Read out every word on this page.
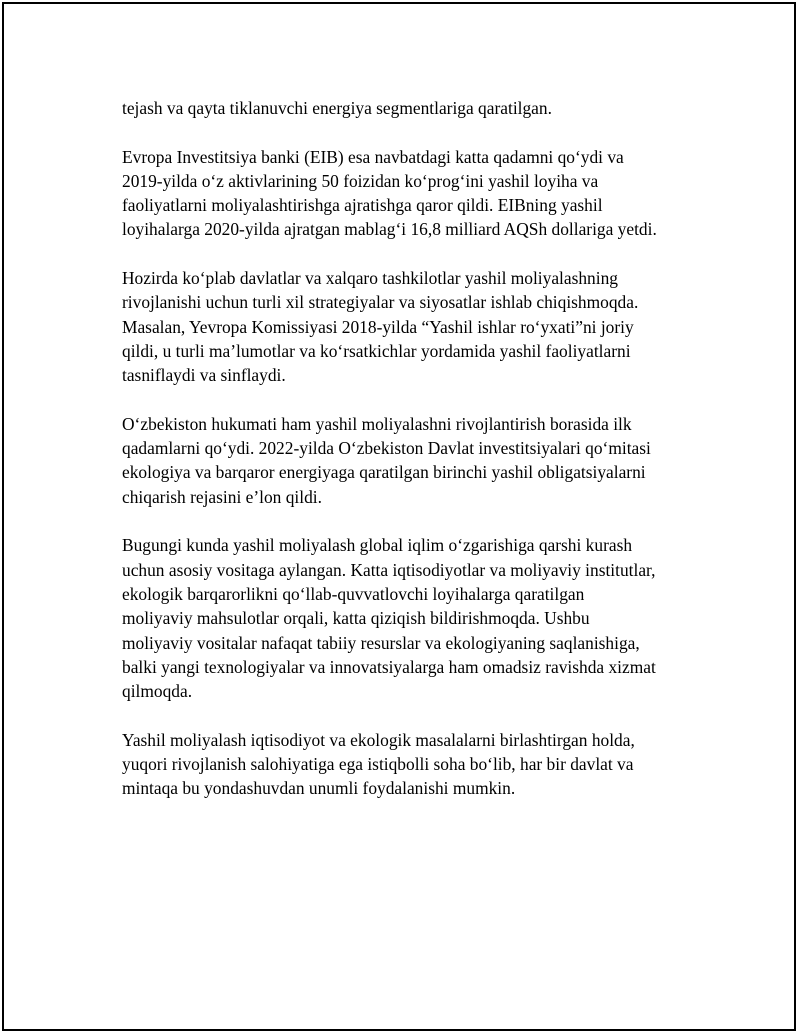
tejash va qayta tiklanuvchi energiya segmentlariga qaratilgan.

Evropa Investitsiya banki (EIB) esa navbatdagi katta qadamni qo‘ydi va
2019-yilda o‘z aktivlarining 50 foizidan ko‘prog‘ini yashil loyiha va
faoliyatlarni moliyalashtirishga ajratishga qaror qildi. EIBning yashil
loyihalarga 2020-yilda ajratgan mablag‘i 16,8 milliard AQSh dollariga yetdi.

Hozirda ko‘plab davlatlar va xalqaro tashkilotlar yashil moliyalashning
rivojlanishi uchun turli xil strategiyalar va siyosatlar ishlab chiqishmoqda.
Masalan, Yevropa Komissiyasi 2018-yilda “Yashil ishlar ro‘yxati”ni joriy
qildi, u turli ma’lumotlar va ko‘rsatkichlar yordamida yashil faoliyatlarni
tasniflaydi va sinflaydi.

O‘zbekiston hukumati ham yashil moliyalashni rivojlantirish borasida ilk
qadamlarni qo‘ydi. 2022-yilda O‘zbekiston Davlat investitsiyalari qo‘mitasi
ekologiya va barqaror energiyaga qaratilgan birinchi yashil obligatsiyalarni
chiqarish rejasini e’lon qildi.

Bugungi kunda yashil moliyalash global iqlim o‘zgarishiga qarshi kurash
uchun asosiy vositaga aylangan. Katta iqtisodiyotlar va moliyaviy institutlar,
ekologik barqarorlikni qo‘llab-quvvatlovchi loyihalarga qaratilgan
moliyaviy mahsulotlar orqali, katta qiziqish bildirishmoqda. Ushbu
moliyaviy vositalar nafaqat tabiiy resurslar va ekologiyaning saqlanishiga,
balki yangi texnologiyalar va innovatsiyalarga ham omadsiz ravishda xizmat
qilmoqda.

Yashil moliyalash iqtisodiyot va ekologik masalalarni birlashtirgan holda,
yuqori rivojlanish salohiyatiga ega istiqbolli soha bo‘lib, har bir davlat va
mintaqa bu yondashuvdan unumli foydalanishi mumkin.
